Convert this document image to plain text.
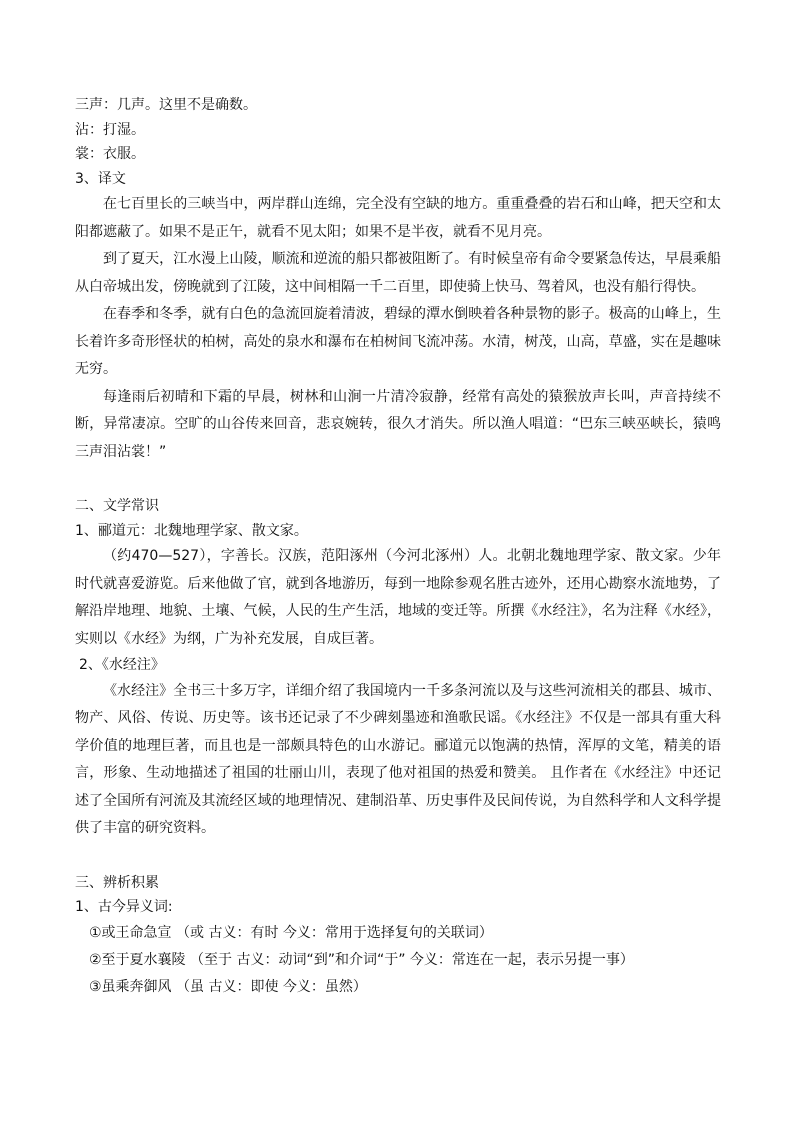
三声：几声。这里不是确数。

沾：打湿。

裳：衣服。

3、译文

在七百里长的三峡当中，两岸群山连绵，完全没有空缺的地方。重重叠叠的岩石和山峰，把天空和太阳都遮蔽了。如果不是正午，就看不见太阳；如果不是半夜，就看不见月亮。

到了夏天，江水漫上山陵，顺流和逆流的船只都被阻断了。有时候皇帝有命令要紧急传达，早晨乘船从白帝城出发，傍晚就到了江陵，这中间相隔一千二百里，即使骑上快马、驾着风，也没有船行得快。

在春季和冬季，就有白色的急流回旋着清波，碧绿的潭水倒映着各种景物的影子。极高的山峰上，生长着许多奇形怪状的柏树，高处的泉水和瀑布在柏树间飞流冲荡。水清，树茂，山高，草盛，实在是趣味无穷。

每逢雨后初晴和下霜的早晨，树林和山涧一片清冷寂静，经常有高处的猿猴放声长叫，声音持续不断，异常凄凉。空旷的山谷传来回音，悲哀婉转，很久才消失。所以渔人唱道：“巴东三峡巫峡长，猿鸣三声泪沾裳！”

二、文学常识

1、郦道元：北魏地理学家、散文家。

（约470—527），字善长。汉族，范阳涿州（今河北涿州）人。北朝北魏地理学家、散文家。少年时代就喜爱游览。后来他做了官，就到各地游历，每到一地除参观名胜古迹外，还用心勘察水流地势，了解沿岸地理、地貌、土壤、气候，人民的生产生活，地域的变迁等。所撰《水经注》，名为注释《水经》，实则以《水经》为纲，广为补充发展，自成巨著。

2、《水经注》

《水经注》全书三十多万字，详细介绍了我国境内一千多条河流以及与这些河流相关的郡县、城市、物产、风俗、传说、历史等。该书还记录了不少碑刻墨迹和渔歌民谣。《水经注》不仅是一部具有重大科学价值的地理巨著，而且也是一部颇具特色的山水游记。郦道元以饱满的热情，浑厚的文笔，精美的语言，形象、生动地描述了祖国的壮丽山川，表现了他对祖国的热爱和赞美。 且作者在《水经注》中还记述了全国所有河流及其流经区域的地理情况、建制沿革、历史事件及民间传说，为自然科学和人文科学提供了丰富的研究资料。

三、辨析积累

1、古今异义词:

①或王命急宣 （或 古义：有时 今义：常用于选择复句的关联词）

②至于夏水襄陵 （至于 古义：动词“到”和介词“于” 今义：常连在一起，表示另提一事）

③虽乘奔御风 （虽 古义：即使 今义：虽然）
